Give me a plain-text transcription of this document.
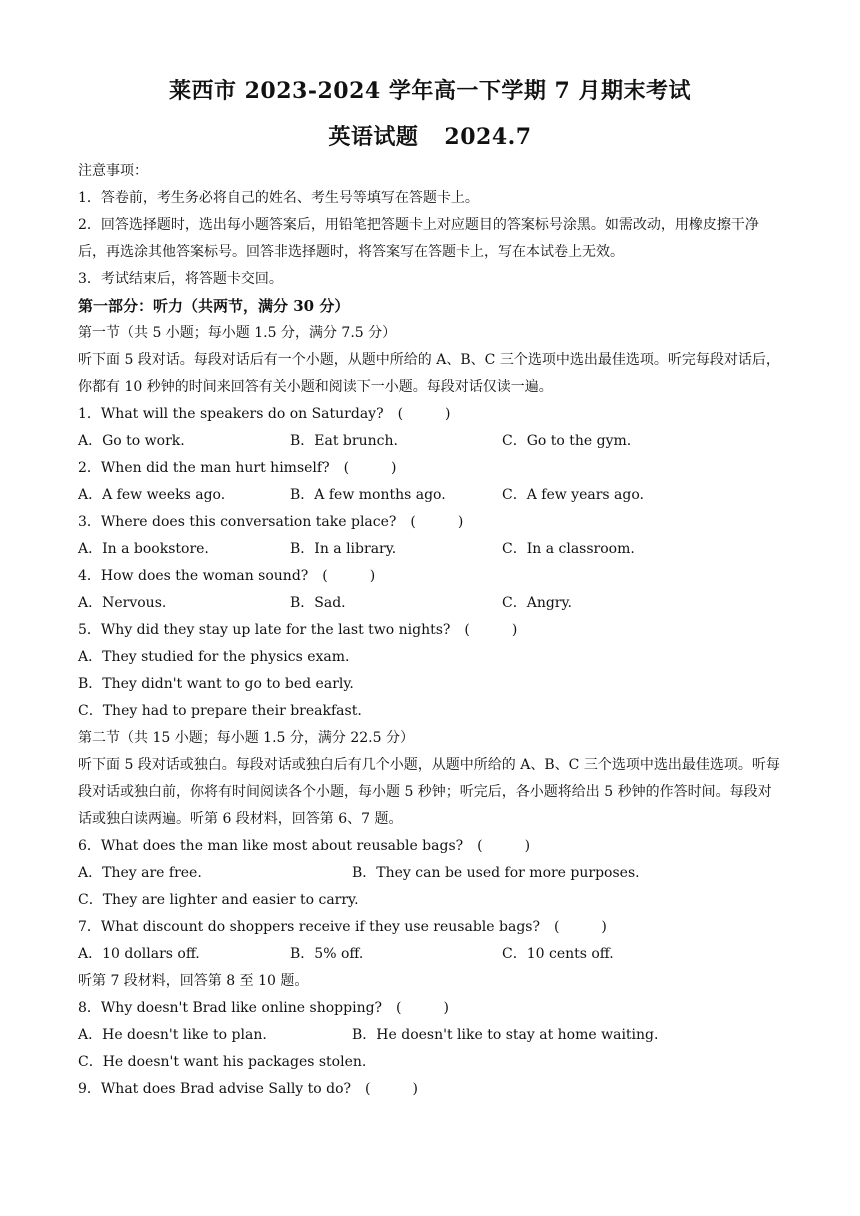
莱西市 2023-2024 学年高一下学期 7 月期末考试
英语试题 2024.7
注意事项：
1．答卷前，考生务必将自己的姓名、考生号等填写在答题卡上。
2．回答选择题时，选出每小题答案后，用铅笔把答题卡上对应题目的答案标号涂黑。如需改动，用橡皮擦干净后，再选涂其他答案标号。回答非选择题时，将答案写在答题卡上，写在本试卷上无效。
3．考试结束后，将答题卡交回。
第一部分：听力（共两节，满分 30 分）
第一节（共 5 小题；每小题 1.5 分，满分 7.5 分）
听下面 5 段对话。每段对话后有一个小题，从题中所给的 A、B、C 三个选项中选出最佳选项。听完每段对话后，你都有 10 秒钟的时间来回答有关小题和阅读下一小题。每段对话仅读一遍。
1．What will the speakers do on Saturday?　(　　　)
A．Go to work.	B．Eat brunch.	C．Go to the gym.
2．When did the man hurt himself?　(　　　)
A．A few weeks ago.	B．A few months ago.	C．A few years ago.
3．Where does this conversation take place?　(　　　)
A．In a bookstore.	B．In a library.	C．In a classroom.
4．How does the woman sound?　(　　　)
A．Nervous.	B．Sad.	C．Angry.
5．Why did they stay up late for the last two nights?　(　　　)
A．They studied for the physics exam.
B．They didn't want to go to bed early.
C．They had to prepare their breakfast.
第二节（共 15 小题；每小题 1.5 分，满分 22.5 分）
听下面 5 段对话或独白。每段对话或独白后有几个小题，从题中所给的 A、B、C 三个选项中选出最佳选项。听每段对话或独白前，你将有时间阅读各个小题，每小题 5 秒钟；听完后，各小题将给出 5 秒钟的作答时间。每段对话或独白读两遍。听第 6 段材料，回答第 6、7 题。
6．What does the man like most about reusable bags?　(　　　)
A．They are free.	B．They can be used for more purposes.
C．They are lighter and easier to carry.
7．What discount do shoppers receive if they use reusable bags?　(　　　)
A．10 dollars off.	B．5% off.	C．10 cents off.
听第 7 段材料，回答第 8 至 10 题。
8．Why doesn't Brad like online shopping?　(　　　)
A．He doesn't like to plan.	B．He doesn't like to stay at home waiting.
C．He doesn't want his packages stolen.
9．What does Brad advise Sally to do?　(　　　)
